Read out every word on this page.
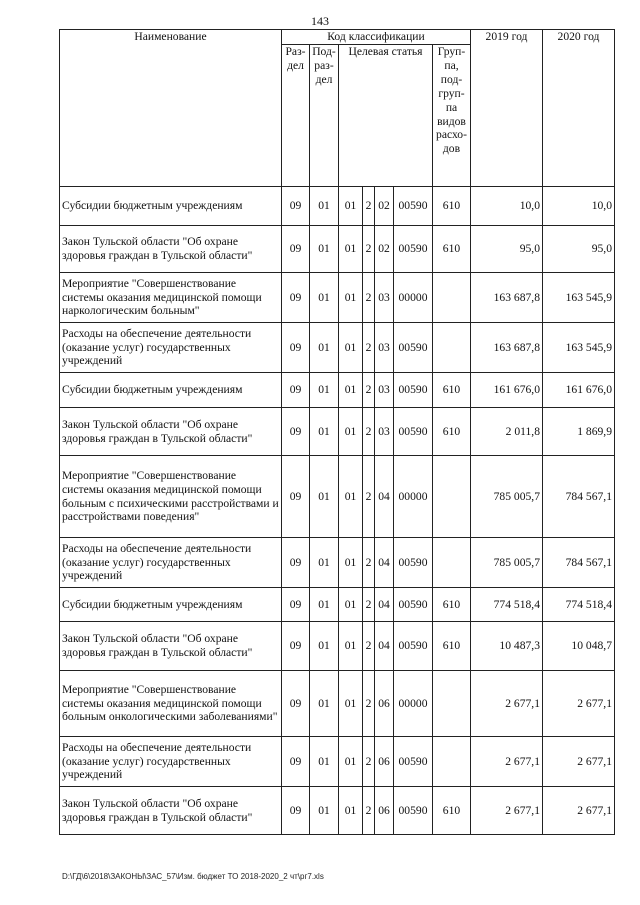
143
Наименование	Код классификации							2019 год	2020 год
	Раз-дел	Под-раз-дел	Целевая статья				Груп-па, под-груп-па видов расхо-дов		
Субсидии бюджетным учреждениям	09	01	01	2	02	00590	610	10,0	10,0
Закон Тульской области "Об охране здоровья граждан в Тульской области"	09	01	01	2	02	00590	610	95,0	95,0
Мероприятие "Совершенствование системы оказания медицинской помощи наркологическим больным"	09	01	01	2	03	00000		163 687,8	163 545,9
Расходы на обеспечение деятельности (оказание услуг) государственных учреждений	09	01	01	2	03	00590		163 687,8	163 545,9
Субсидии бюджетным учреждениям	09	01	01	2	03	00590	610	161 676,0	161 676,0
Закон Тульской области "Об охране здоровья граждан в Тульской области"	09	01	01	2	03	00590	610	2 011,8	1 869,9
Мероприятие "Совершенствование системы оказания медицинской помощи больным с психическими расстройствами и расстройствами поведения"	09	01	01	2	04	00000		785 005,7	784 567,1
Расходы на обеспечение деятельности (оказание услуг) государственных учреждений	09	01	01	2	04	00590		785 005,7	784 567,1
Субсидии бюджетным учреждениям	09	01	01	2	04	00590	610	774 518,4	774 518,4
Закон Тульской области "Об охране здоровья граждан в Тульской области"	09	01	01	2	04	00590	610	10 487,3	10 048,7
Мероприятие "Совершенствование системы оказания медицинской помощи больным онкологическими заболеваниями"	09	01	01	2	06	00000		2 677,1	2 677,1
Расходы на обеспечение деятельности (оказание услуг) государственных учреждений	09	01	01	2	06	00590		2 677,1	2 677,1
Закон Тульской области "Об охране здоровья граждан в Тульской области"	09	01	01	2	06	00590	610	2 677,1	2 677,1
D:\ГД\6\2018\ЗАКОНЫ\ЗАС_57\Изм. бюджет ТО 2018-2020_2 чт\рг7.xls
